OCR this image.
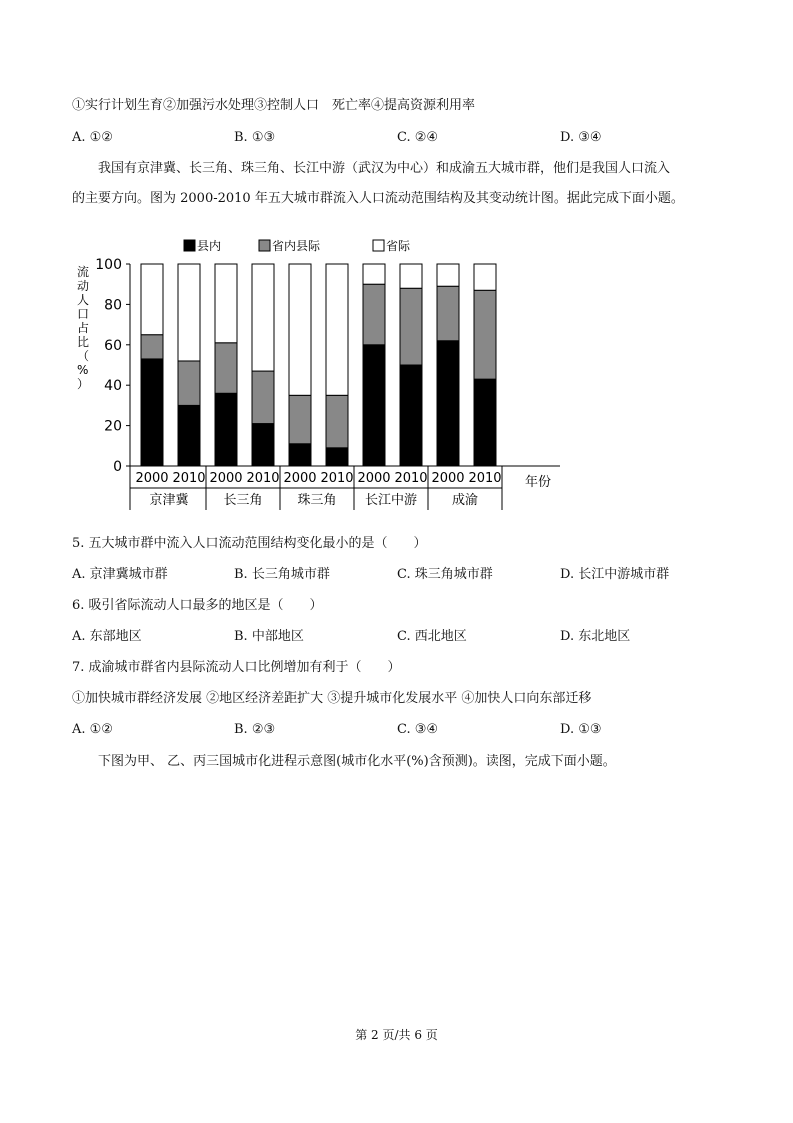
①实行计划生育②加强污水处理③控制人口　死亡率④提高资源利用率
A. ①②	B. ①③	C. ②④	D. ③④
我国有京津冀、长三角、珠三角、长江中游（武汉为中心）和成渝五大城市群，他们是我国人口流入
的主要方向。图为 2000-2010 年五大城市群流入人口流动范围结构及其变动统计图。据此完成下面小题。
县内	省内县际	省际
流动人口占比（%）
0
20
40
60
80
100
2000 2010 2000 2010 2000 2010 2000 2010 2000 2010
京津冀	长三角	珠三角 长江中游	成渝
年份
5. 五大城市群中流入人口流动范围结构变化最小的是（　　）
A. 京津冀城市群	B. 长三角城市群	C. 珠三角城市群	D. 长江中游城市群
6. 吸引省际流动人口最多的地区是（　　）
A. 东部地区	B. 中部地区	C. 西北地区	D. 东北地区
7. 成渝城市群省内县际流动人口比例增加有利于（　　）
①加快城市群经济发展 ②地区经济差距扩大 ③提升城市化发展水平 ④加快人口向东部迁移
A. ①②	B. ②③	C. ③④	D. ①③
下图为甲、 乙、丙三国城市化进程示意图(城市化水平(%)含预测)。读图，完成下面小题。
第 2 页/共 6 页
